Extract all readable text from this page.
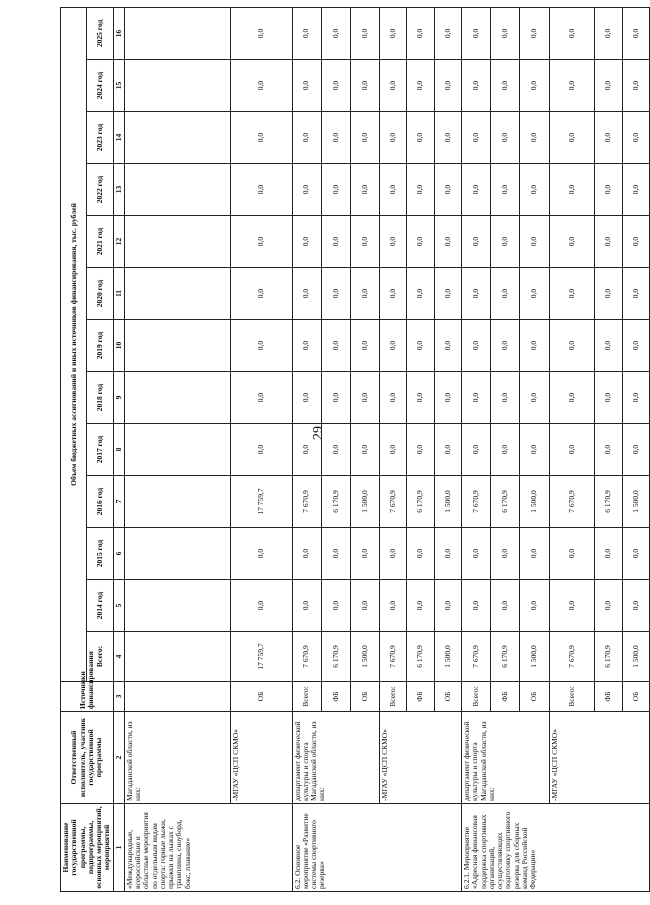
29
Наименование государственной программы, подпрограммы, основных мероприятий, мероприятий	Ответственный исполнитель, участник государственной программы	Источники финансирования	Объем бюджетных ассигнований и иных источников финансирования, тыс. рублей												
			Всего:	2014 год	2015 год	2016 год	2017 год	2018 год	2019 год	2020 год	2021 год	2022 год	2023 год	2024 год	2025 год
1	2	3	4	5	6	7	8	9	10	11	12	13	14	15	16
«Международные, всероссийские и областные мероприятия по отдельным видам спорта: горные лыжи, прыжки на лыжах с трамплина, сноуборд, бокс, плавание»	Магаданской области, из них:														
	-МГАУ «ЦСП СКМО»	ОБ	17 759,7	0,0	0,0	17 759,7	0,0	0,0	0,0	0,0	0,0	0,0	0,0	0,0	0,0
6.2. Основное мероприятие «Развитие системы спортивного резерва»	департамент физической культуры и спорта Магаданской области, из них:	Всего:	7 670,9	0,0	0,0	7 670,9	0,0	0,0	0,0	0,0	0,0	0,0	0,0	0,0	0,0
		ФБ	6 170,9	0,0	0,0	6 170,9	0,0	0,0	0,0	0,0	0,0	0,0	0,0	0,0	0,0
		ОБ	1 500,0	0,0	0,0	1 500,0	0,0	0,0	0,0	0,0	0,0	0,0	0,0	0,0	0,0
	-МГАУ «ЦСП СКМО»	Всего:	7 670,9	0,0	0,0	7 670,9	0,0	0,0	0,0	0,0	0,0	0,0	0,0	0,0	0,0
		ФБ	6 170,9	0,0	0,0	6 170,9	0,0	0,0	0,0	0,0	0,0	0,0	0,0	0,0	0,0
		ОБ	1 500,0	0,0	0,0	1 500,0	0,0	0,0	0,0	0,0	0,0	0,0	0,0	0,0	0,0
6.2.1. Мероприятие «Адресная финансовая поддержка спортивных организаций, осуществляющих подготовку спортивного резерва для сборных команд Российской Федерации»	департамент физической культуры и спорта Магаданской области, из них:	Всего:	7 670,9	0,0	0,0	7 670,9	0,0	0,0	0,0	0,0	0,0	0,0	0,0	0,0	0,0
		ФБ	6 170,9	0,0	0,0	6 170,9	0,0	0,0	0,0	0,0	0,0	0,0	0,0	0,0	0,0
		ОБ	1 500,0	0,0	0,0	1 500,0	0,0	0,0	0,0	0,0	0,0	0,0	0,0	0,0	0,0
	-МГАУ «ЦСП СКМО»	Всего:	7 670,9	0,0	0,0	7 670,9	0,0	0,0	0,0	0,0	0,0	0,0	0,0	0,0	0,0
		ФБ	6 170,9	0,0	0,0	6 170,9	0,0	0,0	0,0	0,0	0,0	0,0	0,0	0,0	0,0
		ОБ	1 500,0	0,0	0,0	1 500,0	0,0	0,0	0,0	0,0	0,0	0,0	0,0	0,0	0,0
